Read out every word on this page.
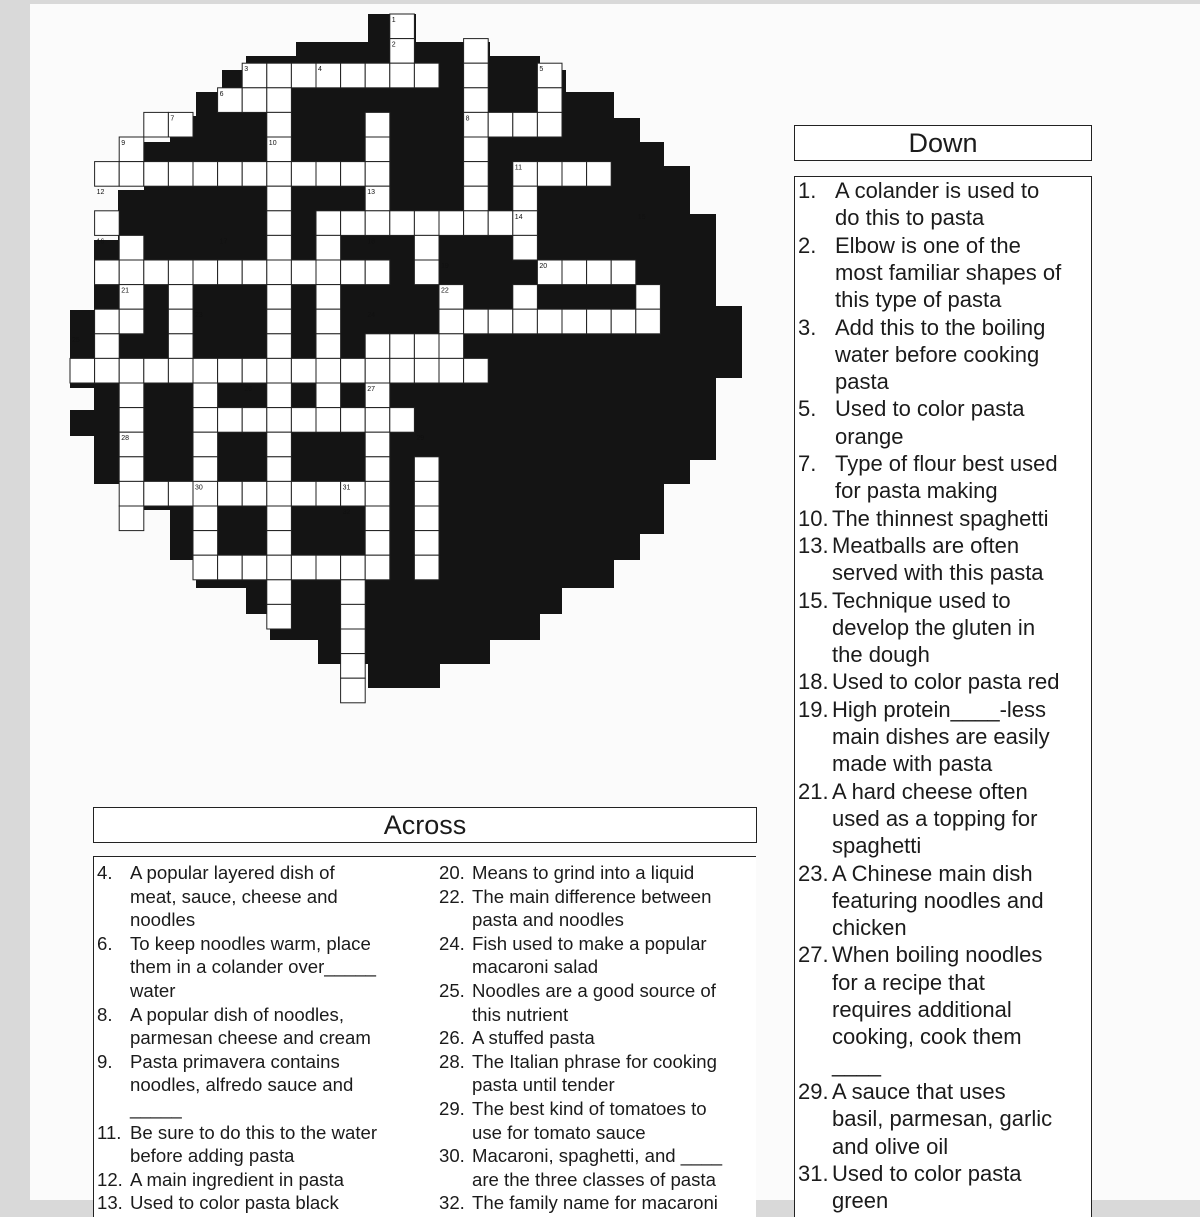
1
2
3	4	5
6
7	8
9	10
11
12	13
14	15
16	17	18
19	20
21	22
23	24
25
26	27
28	29
30	31
32
Down
1. A colander is used to
do this to pasta
2. Elbow is one of the
most familiar shapes of
this type of pasta
3. Add this to the boiling
water before cooking
pasta
5. Used to color pasta
orange
7. Type of flour best used
for pasta making
10. The thinnest spaghetti
13. Meatballs are often
served with this pasta
15. Technique used to
develop the gluten in
the dough
18. Used to color pasta red
19. High protein____-less
main dishes are easily
made with pasta
21. A hard cheese often
used as a topping for
spaghetti
23. A Chinese main dish
featuring noodles and
chicken
27. When boiling noodles
for a recipe that
requires additional
cooking, cook them
____
29. A sauce that uses
basil, parmesan, garlic
and olive oil
31. Used to color pasta
green
Across
4. A popular layered dish of
meat, sauce, cheese and
noodles
6. To keep noodles warm, place
them in a colander over_____
water
8. A popular dish of noodles,
parmesan cheese and cream
9. Pasta primavera contains
noodles, alfredo sauce and
_____
11. Be sure to do this to the water
before adding pasta
12. A main ingredient in pasta
13. Used to color pasta black
20. Means to grind into a liquid
22. The main difference between
pasta and noodles
24. Fish used to make a popular
macaroni salad
25. Noodles are a good source of
this nutrient
26. A stuffed pasta
28. The Italian phrase for cooking
pasta until tender
29. The best kind of tomatoes to
use for tomato sauce
30. Macaroni, spaghetti, and ____
are the three classes of pasta
32. The family name for macaroni
